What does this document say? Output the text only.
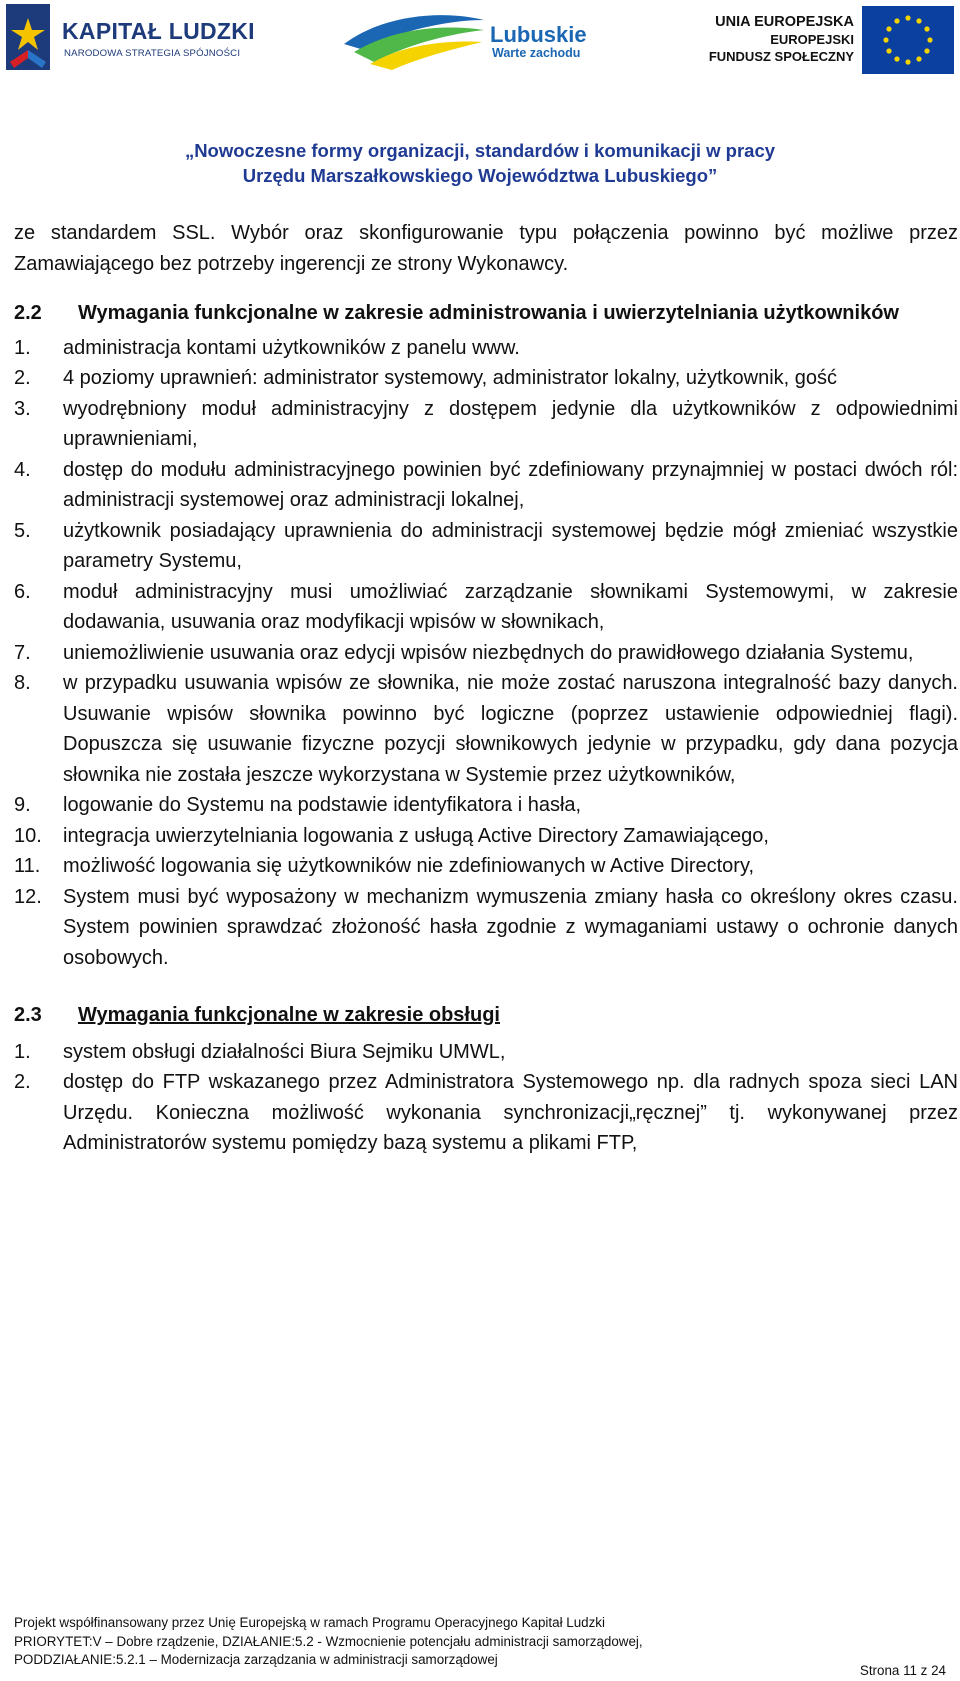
KAPITAŁ LUDZKI
NARODOWA STRATEGIA SPÓJNOŚCI
Lubuskie
Warte zachodu
UNIA EUROPEJSKA
EUROPEJSKI
FUNDUSZ SPOŁECZNY
„Nowoczesne formy organizacji, standardów i komunikacji w pracy
Urzędu Marszałkowskiego Województwa Lubuskiego”

ze standardem SSL. Wybór oraz skonfigurowanie typu połączenia powinno być możliwe przez Zamawiającego bez potrzeby ingerencji ze strony Wykonawcy.

2.2 Wymagania funkcjonalne w zakresie administrowania i uwierzytelniania użytkowników
1. administracja kontami użytkowników z panelu www.
2. 4 poziomy uprawnień: administrator systemowy, administrator lokalny, użytkownik, gość
3. wyodrębniony moduł administracyjny z dostępem jedynie dla użytkowników z odpowiednimi uprawnieniami,
4. dostęp do modułu administracyjnego powinien być zdefiniowany przynajmniej w postaci dwóch ról: administracji systemowej oraz administracji lokalnej,
5. użytkownik posiadający uprawnienia do administracji systemowej będzie mógł zmieniać wszystkie parametry Systemu,
6. moduł administracyjny musi umożliwiać zarządzanie słownikami Systemowymi, w zakresie dodawania, usuwania oraz modyfikacji wpisów w słownikach,
7. uniemożliwienie usuwania oraz edycji wpisów niezbędnych do prawidłowego działania Systemu,
8. w przypadku usuwania wpisów ze słownika, nie może zostać naruszona integralność bazy danych. Usuwanie wpisów słownika powinno być logiczne (poprzez ustawienie odpowiedniej flagi). Dopuszcza się usuwanie fizyczne pozycji słownikowych jedynie w przypadku, gdy dana pozycja słownika nie została jeszcze wykorzystana w Systemie przez użytkowników,
9. logowanie do Systemu na podstawie identyfikatora i hasła,
10. integracja uwierzytelniania logowania z usługą Active Directory Zamawiającego,
11. możliwość logowania się użytkowników nie zdefiniowanych w Active Directory,
12. System musi być wyposażony w mechanizm wymuszenia zmiany hasła co określony okres czasu. System powinien sprawdzać złożoność hasła zgodnie z wymaganiami ustawy o ochronie danych osobowych.
2.3 Wymagania funkcjonalne w zakresie obsługi
1. system obsługi działalności Biura Sejmiku UMWL,
2. dostęp do FTP wskazanego przez Administratora Systemowego np. dla radnych spoza sieci LAN Urzędu. Konieczna możliwość wykonania synchronizacji„ręcznej” tj. wykonywanej przez Administratorów systemu pomiędzy bazą systemu a plikami FTP,
Projekt współfinansowany przez Unię Europejską w ramach Programu Operacyjnego Kapitał Ludzki
PRIORYTET:V – Dobre rządzenie, DZIAŁANIE:5.2 - Wzmocnienie potencjału administracji samorządowej,
PODDZIAŁANIE:5.2.1 – Modernizacja zarządzania w administracji samorządowej
Strona 11 z 24
